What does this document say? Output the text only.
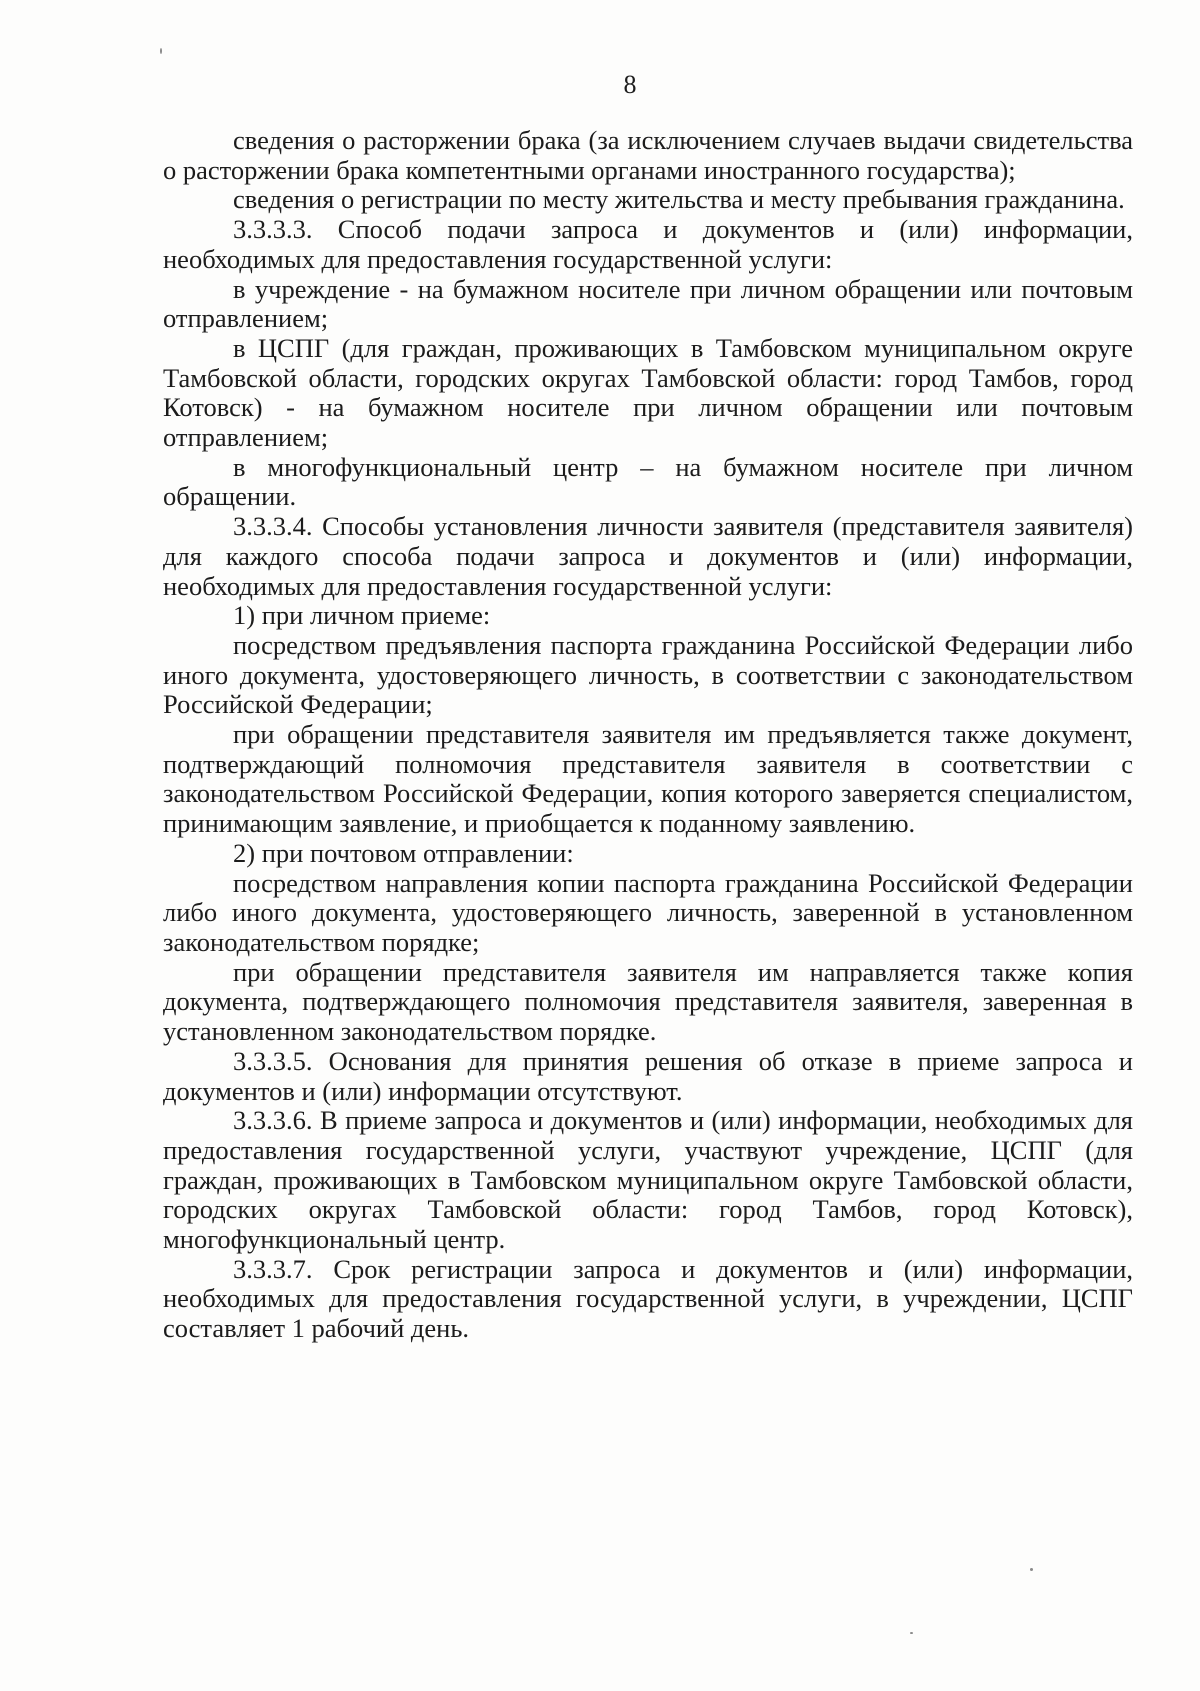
8

сведения о расторжении брака (за исключением случаев выдачи свидетельства о расторжении брака компетентными органами иностранного государства);

сведения о регистрации по месту жительства и месту пребывания гражданина.

3.3.3.3. Способ подачи запроса и документов и (или) информации, необходимых для предоставления государственной услуги:

в учреждение - на бумажном носителе при личном обращении или почтовым отправлением;

в ЦСПГ (для граждан, проживающих в Тамбовском муниципальном округе Тамбовской области, городских округах Тамбовской области: город Тамбов, город Котовск) - на бумажном носителе при личном обращении или почтовым отправлением;

в многофункциональный центр – на бумажном носителе при личном обращении.

3.3.3.4. Способы установления личности заявителя (представителя заявителя) для каждого способа подачи запроса и документов и (или) информации, необходимых для предоставления государственной услуги:

1) при личном приеме:

посредством предъявления паспорта гражданина Российской Федерации либо иного документа, удостоверяющего личность, в соответствии с законодательством Российской Федерации;

при обращении представителя заявителя им предъявляется также документ, подтверждающий полномочия представителя заявителя в соответствии с законодательством Российской Федерации, копия которого заверяется специалистом, принимающим заявление, и приобщается к поданному заявлению.

2) при почтовом отправлении:

посредством направления копии паспорта гражданина Российской Федерации либо иного документа, удостоверяющего личность, заверенной в установленном законодательством порядке;

при обращении представителя заявителя им направляется также копия документа, подтверждающего полномочия представителя заявителя, заверенная в установленном законодательством порядке.

3.3.3.5. Основания для принятия решения об отказе в приеме запроса и документов и (или) информации отсутствуют.

3.3.3.6. В приеме запроса и документов и (или) информации, необходимых для предоставления государственной услуги, участвуют учреждение, ЦСПГ (для граждан, проживающих в Тамбовском муниципальном округе Тамбовской области, городских округах Тамбовской области: город Тамбов, город Котовск), многофункциональный центр.

3.3.3.7. Срок регистрации запроса и документов и (или) информации, необходимых для предоставления государственной услуги, в учреждении, ЦСПГ составляет 1 рабочий день.
